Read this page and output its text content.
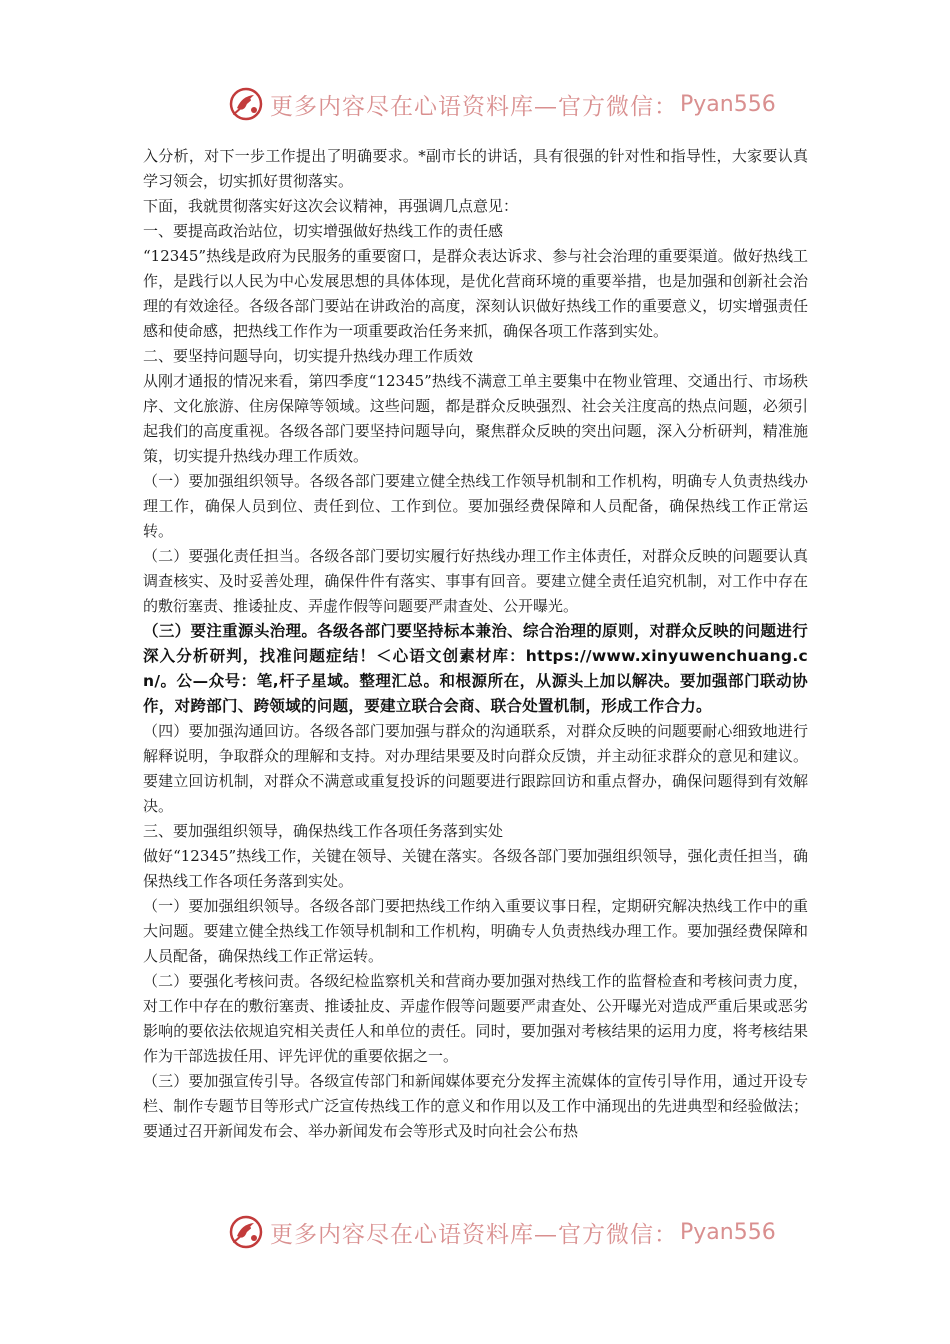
更多内容尽在心语资料库—官方微信： Pyan556

入分析，对下一步工作提出了明确要求。*副市长的讲话，具有很强的针对性和指导性，大家要认真学习领会，切实抓好贯彻落实。

下面，我就贯彻落实好这次会议精神，再强调几点意见：

一、要提高政治站位，切实增强做好热线工作的责任感

“12345”热线是政府为民服务的重要窗口，是群众表达诉求、参与社会治理的重要渠道。做好热线工作，是践行以人民为中心发展思想的具体体现，是优化营商环境的重要举措，也是加强和创新社会治理的有效途径。各级各部门要站在讲政治的高度，深刻认识做好热线工作的重要意义，切实增强责任感和使命感，把热线工作作为一项重要政治任务来抓，确保各项工作落到实处。

二、要坚持问题导向，切实提升热线办理工作质效

从刚才通报的情况来看，第四季度“12345”热线不满意工单主要集中在物业管理、交通出行、市场秩序、文化旅游、住房保障等领域。这些问题，都是群众反映强烈、社会关注度高的热点问题，必须引起我们的高度重视。各级各部门要坚持问题导向，聚焦群众反映的突出问题，深入分析研判，精准施策，切实提升热线办理工作质效。

（一）要加强组织领导。各级各部门要建立健全热线工作领导机制和工作机构，明确专人负责热线办理工作，确保人员到位、责任到位、工作到位。要加强经费保障和人员配备，确保热线工作正常运转。

（二）要强化责任担当。各级各部门要切实履行好热线办理工作主体责任，对群众反映的问题要认真调查核实、及时妥善处理，确保件件有落实、事事有回音。要建立健全责任追究机制，对工作中存在的敷衍塞责、推诿扯皮、弄虚作假等问题要严肃查处、公开曝光。

（三）要注重源头治理。各级各部门要坚持标本兼治、综合治理的原则，对群众反映的问题进行深入分析研判，找准问题症结！＜心语文创素材库：https://www.xinyuwenchuang.cn/。公—众号：笔,杆子星域。整理汇总。和根源所在，从源头上加以解决。要加强部门联动协作，对跨部门、跨领域的问题，要建立联合会商、联合处置机制，形成工作合力。

（四）要加强沟通回访。各级各部门要加强与群众的沟通联系，对群众反映的问题要耐心细致地进行解释说明，争取群众的理解和支持。对办理结果要及时向群众反馈，并主动征求群众的意见和建议。要建立回访机制，对群众不满意或重复投诉的问题要进行跟踪回访和重点督办，确保问题得到有效解决。

三、要加强组织领导，确保热线工作各项任务落到实处

做好“12345”热线工作，关键在领导、关键在落实。各级各部门要加强组织领导，强化责任担当，确保热线工作各项任务落到实处。

（一）要加强组织领导。各级各部门要把热线工作纳入重要议事日程，定期研究解决热线工作中的重大问题。要建立健全热线工作领导机制和工作机构，明确专人负责热线办理工作。要加强经费保障和人员配备，确保热线工作正常运转。

（二）要强化考核问责。各级纪检监察机关和营商办要加强对热线工作的监督检查和考核问责力度，对工作中存在的敷衍塞责、推诿扯皮、弄虚作假等问题要严肃查处、公开曝光对造成严重后果或恶劣影响的要依法依规追究相关责任人和单位的责任。同时，要加强对考核结果的运用力度，将考核结果作为干部选拔任用、评先评优的重要依据之一。

（三）要加强宣传引导。各级宣传部门和新闻媒体要充分发挥主流媒体的宣传引导作用，通过开设专栏、制作专题节目等形式广泛宣传热线工作的意义和作用以及工作中涌现出的先进典型和经验做法；要通过召开新闻发布会、举办新闻发布会等形式及时向社会公布热

更多内容尽在心语资料库—官方微信： Pyan556
